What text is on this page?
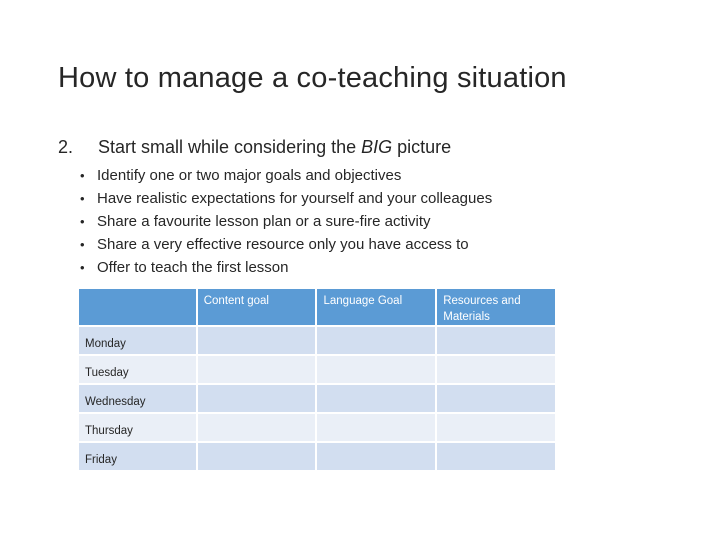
How to manage a co-teaching situation
2. Start small while considering the BIG picture
• Identify one or two major goals and objectives
• Have realistic expectations for yourself and your colleagues
• Share a favourite lesson plan or a sure-fire activity
• Share a very effective resource only you have access to
• Offer to teach the first lesson
	Content goal	Language Goal	Resources and Materials
Monday			
Tuesday			
Wednesday			
Thursday			
Friday			
